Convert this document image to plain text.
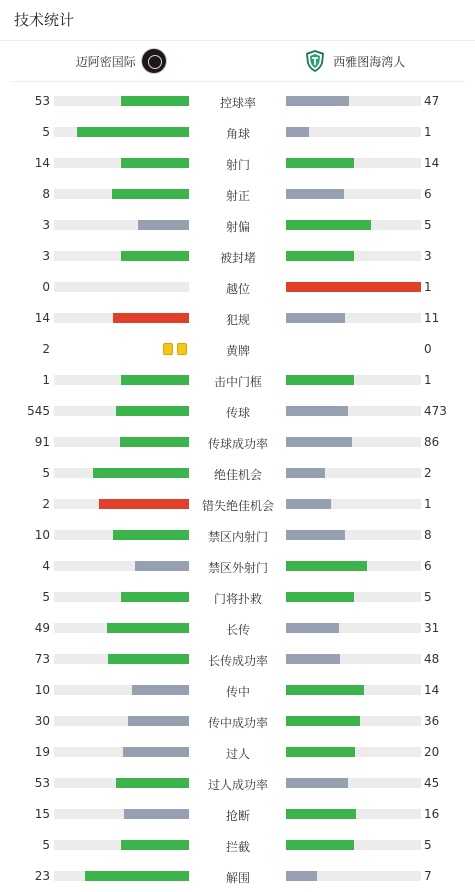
技术统计
迈阿密国际	西雅图海湾人
53	控球率	47
5	角球	1
14	射门	14
8	射正	6
3	射偏	5
3	被封堵	3
0	越位	1
14	犯规	11
2	黄牌	0
1	击中门框	1
545	传球	473
91	传球成功率	86
5	绝佳机会	2
2	错失绝佳机会	1
10	禁区内射门	8
4	禁区外射门	6
5	门将扑救	5
49	长传	31
73	长传成功率	48
10	传中	14
30	传中成功率	36
19	过人	20
53	过人成功率	45
15	抢断	16
5	拦截	5
23	解围	7
